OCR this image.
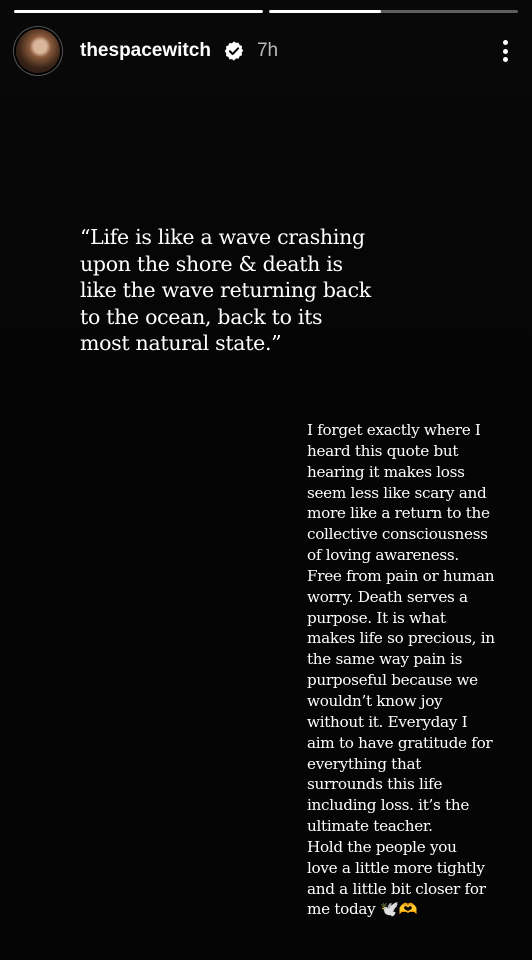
thespacewitch 7h
“Life is like a wave crashing
upon the shore & death is
like the wave returning back
to the ocean, back to its
most natural state.”
I forget exactly where I
heard this quote but
hearing it makes loss
seem less like scary and
more like a return to the
collective consciousness
of loving awareness.
Free from pain or human
worry. Death serves a
purpose. It is what
makes life so precious, in
the same way pain is
purposeful because we
wouldn’t know joy
without it. Everyday I
aim to have gratitude for
everything that
surrounds this life
including loss. it’s the
ultimate teacher.
Hold the people you
love a little more tightly
and a little bit closer for
me today 🕊️🫶
